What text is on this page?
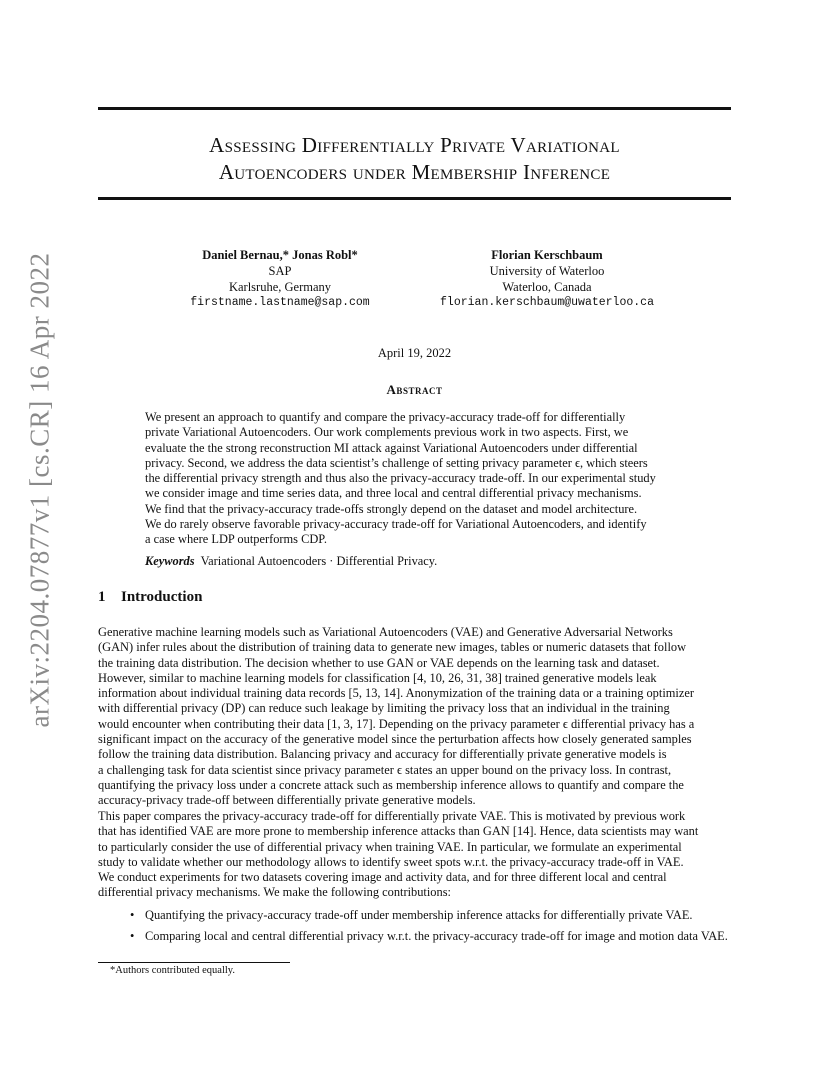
arXiv:2204.07877v1 [cs.CR] 16 Apr 2022
Assessing Differentially Private Variational
Autoencoders under Membership Inference
Daniel Bernau,* Jonas Robl*
SAP
Karlsruhe, Germany
firstname.lastname@sap.com
Florian Kerschbaum
University of Waterloo
Waterloo, Canada
florian.kerschbaum@uwaterloo.ca
April 19, 2022
Abstract
We present an approach to quantify and compare the privacy-accuracy trade-off for differentially
private Variational Autoencoders. Our work complements previous work in two aspects. First, we
evaluate the the strong reconstruction MI attack against Variational Autoencoders under differential
privacy. Second, we address the data scientist’s challenge of setting privacy parameter ϵ, which steers
the differential privacy strength and thus also the privacy-accuracy trade-off. In our experimental study
we consider image and time series data, and three local and central differential privacy mechanisms.
We find that the privacy-accuracy trade-offs strongly depend on the dataset and model architecture.
We do rarely observe favorable privacy-accuracy trade-off for Variational Autoencoders, and identify
a case where LDP outperforms CDP.
Keywords Variational Autoencoders · Differential Privacy.
1 Introduction
Generative machine learning models such as Variational Autoencoders (VAE) and Generative Adversarial Networks
(GAN) infer rules about the distribution of training data to generate new images, tables or numeric datasets that follow
the training data distribution. The decision whether to use GAN or VAE depends on the learning task and dataset.
However, similar to machine learning models for classification [4, 10, 26, 31, 38] trained generative models leak
information about individual training data records [5, 13, 14]. Anonymization of the training data or a training optimizer
with differential privacy (DP) can reduce such leakage by limiting the privacy loss that an individual in the training
would encounter when contributing their data [1, 3, 17]. Depending on the privacy parameter ϵ differential privacy has a
significant impact on the accuracy of the generative model since the perturbation affects how closely generated samples
follow the training data distribution. Balancing privacy and accuracy for differentially private generative models is
a challenging task for data scientist since privacy parameter ϵ states an upper bound on the privacy loss. In contrast,
quantifying the privacy loss under a concrete attack such as membership inference allows to quantify and compare the
accuracy-privacy trade-off between differentially private generative models.
This paper compares the privacy-accuracy trade-off for differentially private VAE. This is motivated by previous work
that has identified VAE are more prone to membership inference attacks than GAN [14]. Hence, data scientists may want
to particularly consider the use of differential privacy when training VAE. In particular, we formulate an experimental
study to validate whether our methodology allows to identify sweet spots w.r.t. the privacy-accuracy trade-off in VAE.
We conduct experiments for two datasets covering image and activity data, and for three different local and central
differential privacy mechanisms. We make the following contributions:
• Quantifying the privacy-accuracy trade-off under membership inference attacks for differentially private VAE.
• Comparing local and central differential privacy w.r.t. the privacy-accuracy trade-off for image and motion data VAE.
*Authors contributed equally.
